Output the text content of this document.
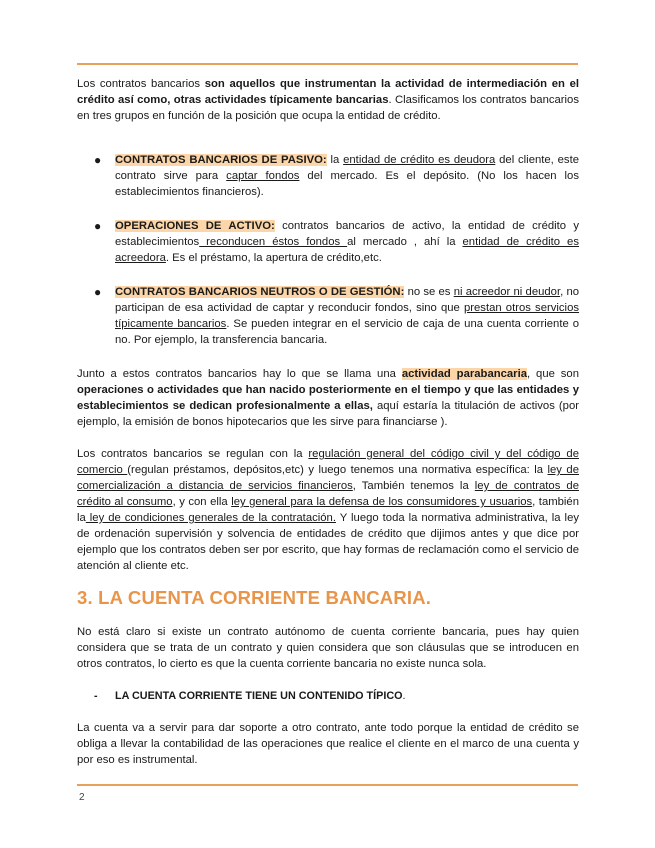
Los contratos bancarios son aquellos que instrumentan la actividad de intermediación en el crédito así como, otras actividades típicamente bancarias. Clasificamos los contratos bancarios en tres grupos en función de la posición que ocupa la entidad de crédito.

● CONTRATOS BANCARIOS DE PASIVO: la entidad de crédito es deudora del cliente, este contrato sirve para captar fondos del mercado. Es el depósito. (No los hacen los establecimientos financieros).
● OPERACIONES DE ACTIVO: contratos bancarios de activo, la entidad de crédito y establecimientos reconducen éstos fondos al mercado , ahí la entidad de crédito es acreedora. Es el préstamo, la apertura de crédito,etc.
● CONTRATOS BANCARIOS NEUTROS O DE GESTIÓN: no se es ni acreedor ni deudor, no participan de esa actividad de captar y reconducir fondos, sino que prestan otros servicios típicamente bancarios. Se pueden integrar en el servicio de caja de una cuenta corriente o no. Por ejemplo, la transferencia bancaria.

Junto a estos contratos bancarios hay lo que se llama una actividad parabancaria, que son operaciones o actividades que han nacido posteriormente en el tiempo y que las entidades y establecimientos se dedican profesionalmente a ellas, aquí estaría la titulación de activos (por ejemplo, la emisión de bonos hipotecarios que les sirve para financiarse ).

Los contratos bancarios se regulan con la regulación general del código civil y del código de comercio (regulan préstamos, depósitos,etc) y luego tenemos una normativa específica: la ley de comercialización a distancia de servicios financieros, También tenemos la ley de contratos de crédito al consumo, y con ella ley general para la defensa de los consumidores y usuarios, también la ley de condiciones generales de la contratación. Y luego toda la normativa administrativa, la ley de ordenación supervisión y solvencia de entidades de crédito que dijimos antes y que dice por ejemplo que los contratos deben ser por escrito, que hay formas de reclamación como el servicio de atención al cliente etc.

3. LA CUENTA CORRIENTE BANCARIA.

No está claro si existe un contrato autónomo de cuenta corriente bancaria, pues hay quien considera que se trata de un contrato y quien considera que son cláusulas que se introducen en otros contratos, lo cierto es que la cuenta corriente bancaria no existe nunca sola.

- LA CUENTA CORRIENTE TIENE UN CONTENIDO TÍPICO.

La cuenta va a servir para dar soporte a otro contrato, ante todo porque la entidad de crédito se obliga a llevar la contabilidad de las operaciones que realice el cliente en el marco de una cuenta y por eso es instrumental.

2
